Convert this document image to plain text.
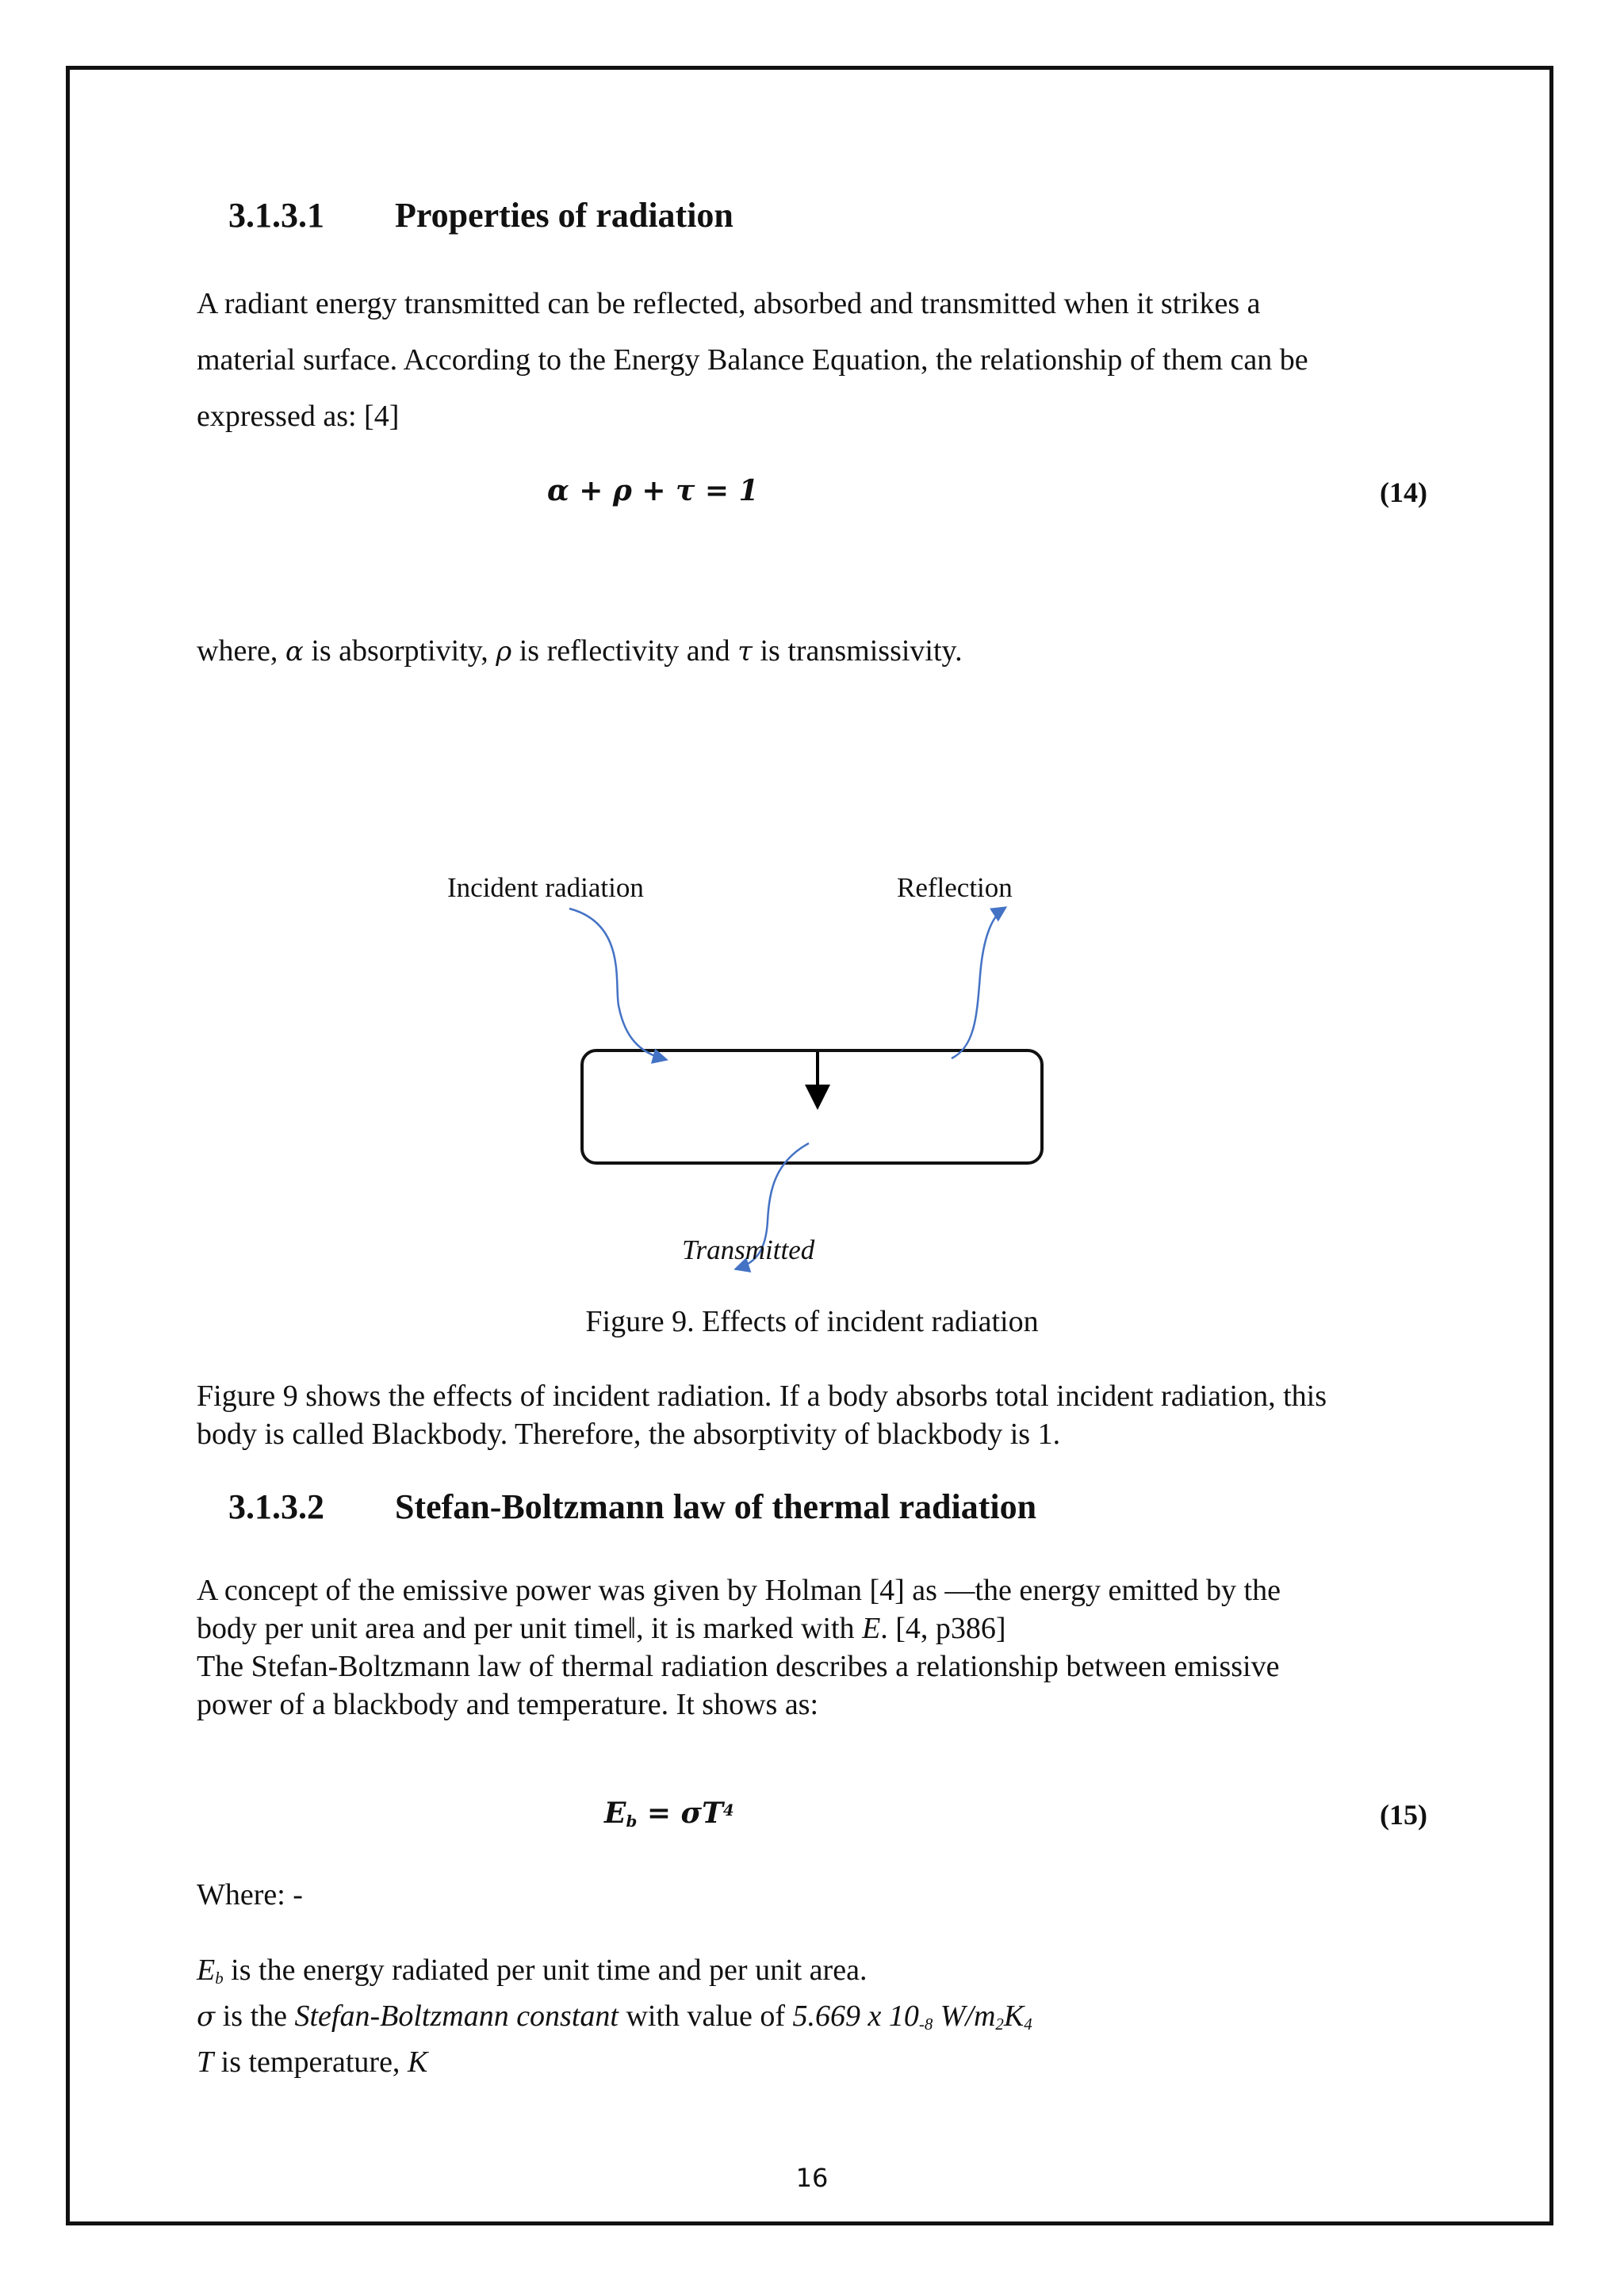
3.1.3.1 Properties of radiation
A radiant energy transmitted can be reflected, absorbed and transmitted when it strikes a
material surface. According to the Energy Balance Equation, the relationship of them can be
expressed as: [4]
α + ρ + τ = 1	(14)
where, α is absorptivity, ρ is reflectivity and τ is transmissivity.
Incident radiation	Reflection
Transmitted
Figure 9. Effects of incident radiation
Figure 9 shows the effects of incident radiation. If a body absorbs total incident radiation, this
body is called Blackbody. Therefore, the absorptivity of blackbody is 1.
3.1.3.2 Stefan-Boltzmann law of thermal radiation
A concept of the emissive power was given by Holman [4] as ―the energy emitted by the
body per unit area and per unit time‖, it is marked with E. [4, p386]
The Stefan-Boltzmann law of thermal radiation describes a relationship between emissive
power of a blackbody and temperature. It shows as:
$Eb = \sigma T^4$	(15)
Where: -
Eb is the energy radiated per unit time and per unit area.
σ is the Stefan-Boltzmann constant with value of 5.669 x 10-8 W/m2K4
T is temperature, K
16
